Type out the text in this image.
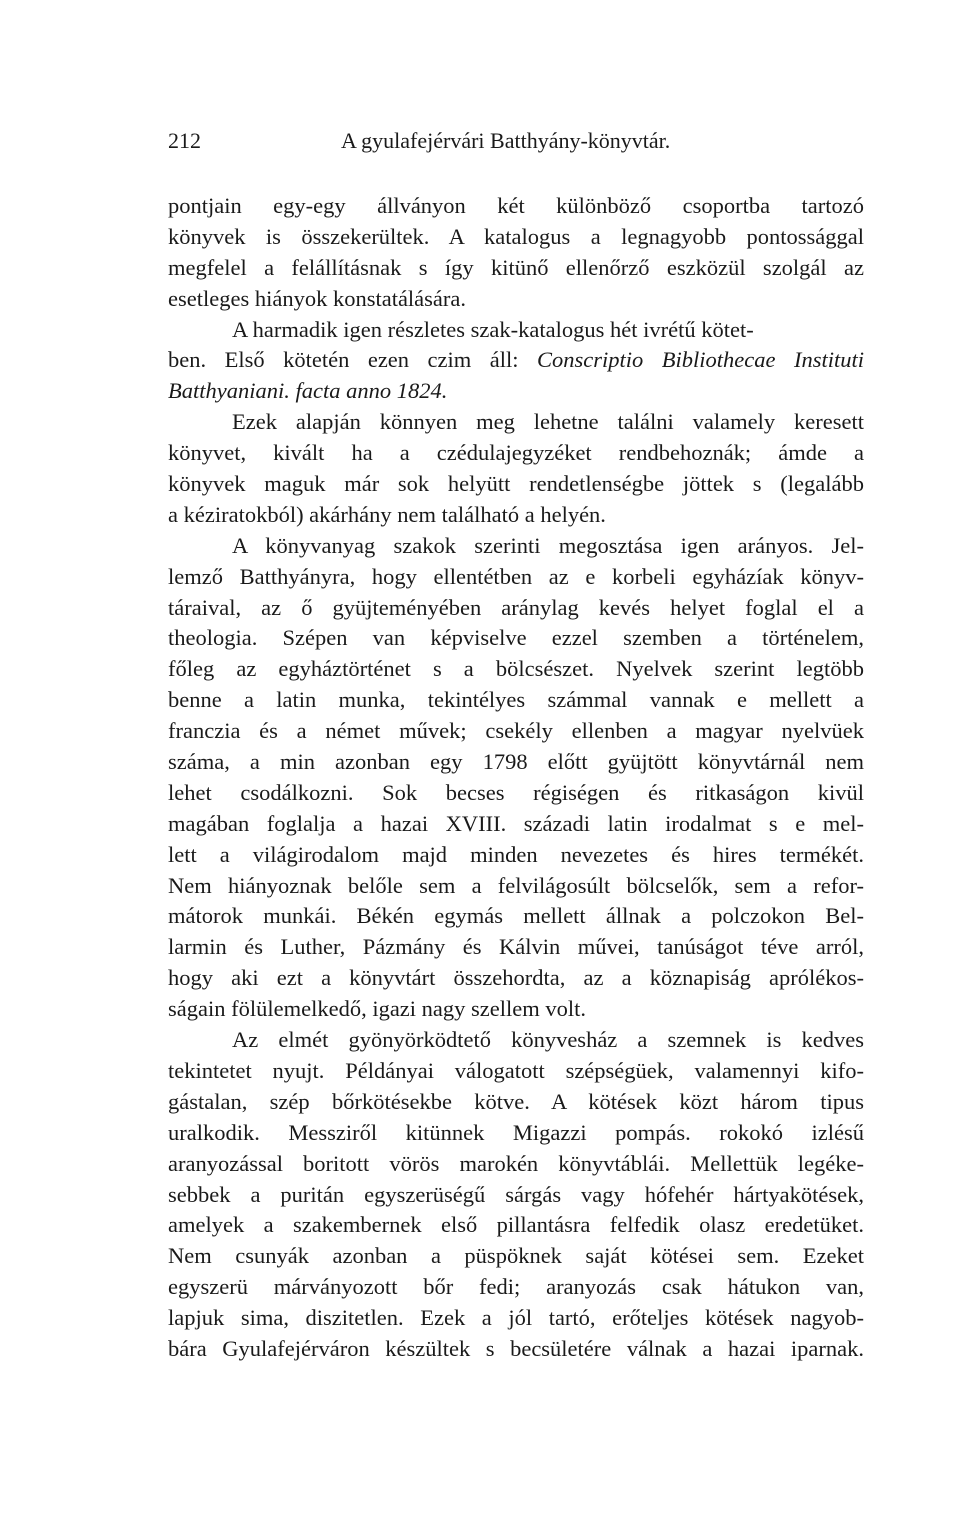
212	A gyulafejérvári Batthyány-könyvtár.
pontjain egy-egy állványon két különböző csoportba tartozó
könyvek is összekerültek. A katalogus a legnagyobb pontossággal
megfelel a felállításnak s így kitünő ellenőrző eszközül szolgál az
esetleges hiányok konstatálására.
A harmadik igen részletes szak-katalogus hét ivrétű kötet-
ben. Első kötetén ezen czim áll: Conscriptio Bibliothecae Instituti
Batthyaniani. facta anno 1824.
Ezek alapján könnyen meg lehetne találni valamely keresett
könyvet, kivált ha a czédulajegyzéket rendbehoznák; ámde a
könyvek maguk már sok helyütt rendetlenségbe jöttek s (legalább
a kéziratokból) akárhány nem található a helyén.
A könyvanyag szakok szerinti megosztása igen arányos. Jel-
lemző Batthyányra, hogy ellentétben az e korbeli egyházíak könyv-
táraival, az ő gyüjteményében aránylag kevés helyet foglal el a
theologia. Szépen van képviselve ezzel szemben a történelem,
főleg az egyháztörténet s a bölcsészet. Nyelvek szerint legtöbb
benne a latin munka, tekintélyes számmal vannak e mellett a
franczia és a német művek; csekély ellenben a magyar nyelvüek
száma, a min azonban egy 1798 előtt gyüjtött könyvtárnál nem
lehet csodálkozni. Sok becses régiségen és ritkaságon kivül
magában foglalja a hazai XVIII. századi latin irodalmat s e mel-
lett a világirodalom majd minden nevezetes és hires termékét.
Nem hiányoznak belőle sem a felvilágosúlt bölcselők, sem a refor-
mátorok munkái. Békén egymás mellett állnak a polczokon Bel-
larmin és Luther, Pázmány és Kálvin művei, tanúságot téve arról,
hogy aki ezt a könyvtárt összehordta, az a köznapiság aprólékos-
ságain fölülemelkedő, igazi nagy szellem volt.
Az elmét gyönyörködtető könyvesház a szemnek is kedves
tekintetet nyujt. Példányai válogatott szépségüek, valamennyi kifo-
gástalan, szép bőrkötésekbe kötve. A kötések közt három tipus
uralkodik. Messziről kitünnek Migazzi pompás. rokokó izlésű
aranyozással boritott vörös marokén könyvtáblái. Mellettük legéke-
sebbek a puritán egyszerüségű sárgás vagy hófehér hártyakötések,
amelyek a szakembernek első pillantásra felfedik olasz eredetüket.
Nem csunyák azonban a püspöknek saját kötései sem. Ezeket
egyszerü márványozott bőr fedi; aranyozás csak hátukon van,
lapjuk sima, diszitetlen. Ezek a jól tartó, erőteljes kötések nagyob-
bára Gyulafejérváron készültek s becsületére válnak a hazai iparnak.
